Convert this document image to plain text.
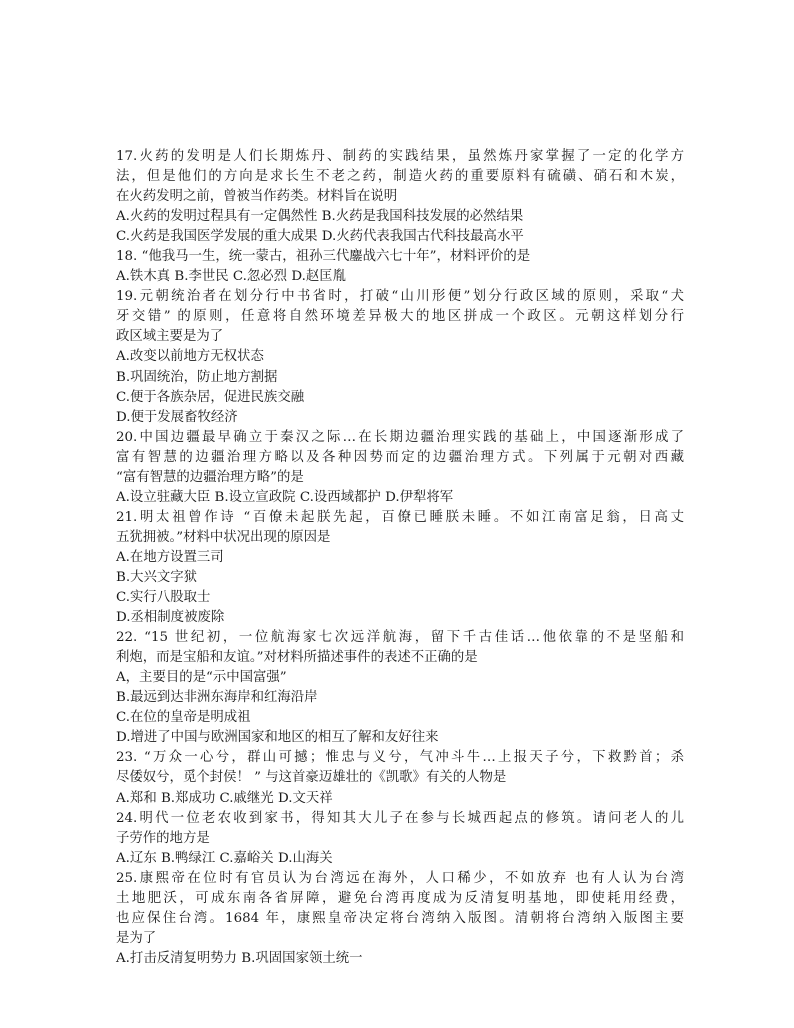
17.火药的发明是人们长期炼丹、制药的实践结果，虽然炼丹家掌握了一定的化学方
法，但是他们的方向是求长生不老之药，制造火药的重要原料有硫磺、硝石和木炭，
在火药发明之前，曾被当作药类。材料旨在说明
A.火药的发明过程具有一定偶然性 B.火药是我国科技发展的必然结果
C.火药是我国医学发展的重大成果 D.火药代表我国古代科技最高水平
18. “他我马一生，统一蒙古，祖孙三代鏖战六七十年”，材料评价的是
A.铁木真 B.李世民 C.忽必烈 D.赵匡胤
19.元朝统治者在划分行中书省时，打破“山川形便”划分行政区域的原则，采取“犬
牙交错” 的原则，任意将自然环境差异极大的地区拼成一个政区。元朝这样划分行
政区域主要是为了
A.改变以前地方无权状态
B.巩固统治，防止地方割据
C.便于各族杂居，促进民族交融
D.便于发展畜牧经济
20.中国边疆最早确立于秦汉之际…在长期边疆治理实践的基础上，中国逐渐形成了
富有智慧的边疆治理方略以及各种因势而定的边疆治理方式。下列属于元朝对西藏
“富有智慧的边疆治理方略”的是
A.设立驻藏大臣 B.设立宣政院 C.设西域都护 D.伊犁将军
21.明太祖曾作诗 “百僚未起朕先起，百僚已睡朕未睡。不如江南富足翁，日高丈
五犹拥被。”材料中状况出现的原因是
A.在地方设置三司
B.大兴文字狱
C.实行八股取士
D.丞相制度被废除
22. “15 世纪初，一位航海家七次远洋航海，留下千古佳话…他依靠的不是坚船和
利炮，而是宝船和友谊。”对材料所描述事件的表述不正确的是
A，主要目的是“示中国富强”
B.最远到达非洲东海岸和红海沿岸
C.在位的皇帝是明成祖
D.增进了中国与欧洲国家和地区的相互了解和友好往来
23. “万众一心兮，群山可撼；惟忠与义兮，气冲斗牛…上报天子兮，下救黔首；杀
尽倭奴兮，觅个封侯！ ” 与这首豪迈雄壮的《凯歌》有关的人物是
A.郑和 B.郑成功 C.戚继光 D.文天祥
24.明代一位老农收到家书，得知其大儿子在参与长城西起点的修筑。请问老人的儿
子劳作的地方是
A.辽东 B.鸭绿江 C.嘉峪关 D.山海关
25.康熙帝在位时有官员认为台湾远在海外，人口稀少，不如放弃 也有人认为台湾
土地肥沃，可成东南各省屏障，避免台湾再度成为反清复明基地，即使耗用经费，
也应保住台湾。1684 年，康熙皇帝决定将台湾纳入版图。清朝将台湾纳入版图主要
是为了
A.打击反清复明势力 B.巩固国家领土统一
